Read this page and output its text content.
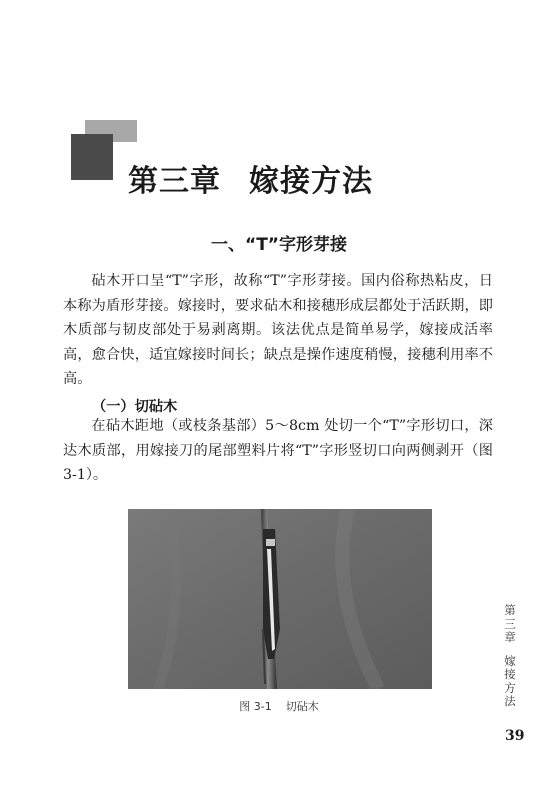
第三章 嫁接方法
一、“T”字形芽接

砧木开口呈“T”字形，故称“T”字形芽接。国内俗称热粘皮，日本称为盾形芽接。嫁接时，要求砧木和接穗形成层都处于活跃期，即木质部与韧皮部处于易剥离期。该法优点是简单易学，嫁接成活率高，愈合快，适宜嫁接时间长；缺点是操作速度稍慢，接穗利用率不高。

（一）切砧木

在砧木距地（或枝条基部）5～8cm 处切一个“T”字形切口，深达木质部，用嫁接刀的尾部塑料片将“T”字形竖切口向两侧剥开（图 3-1）。

图 3-1 切砧木
第
三
章
嫁
接
方
法
39
